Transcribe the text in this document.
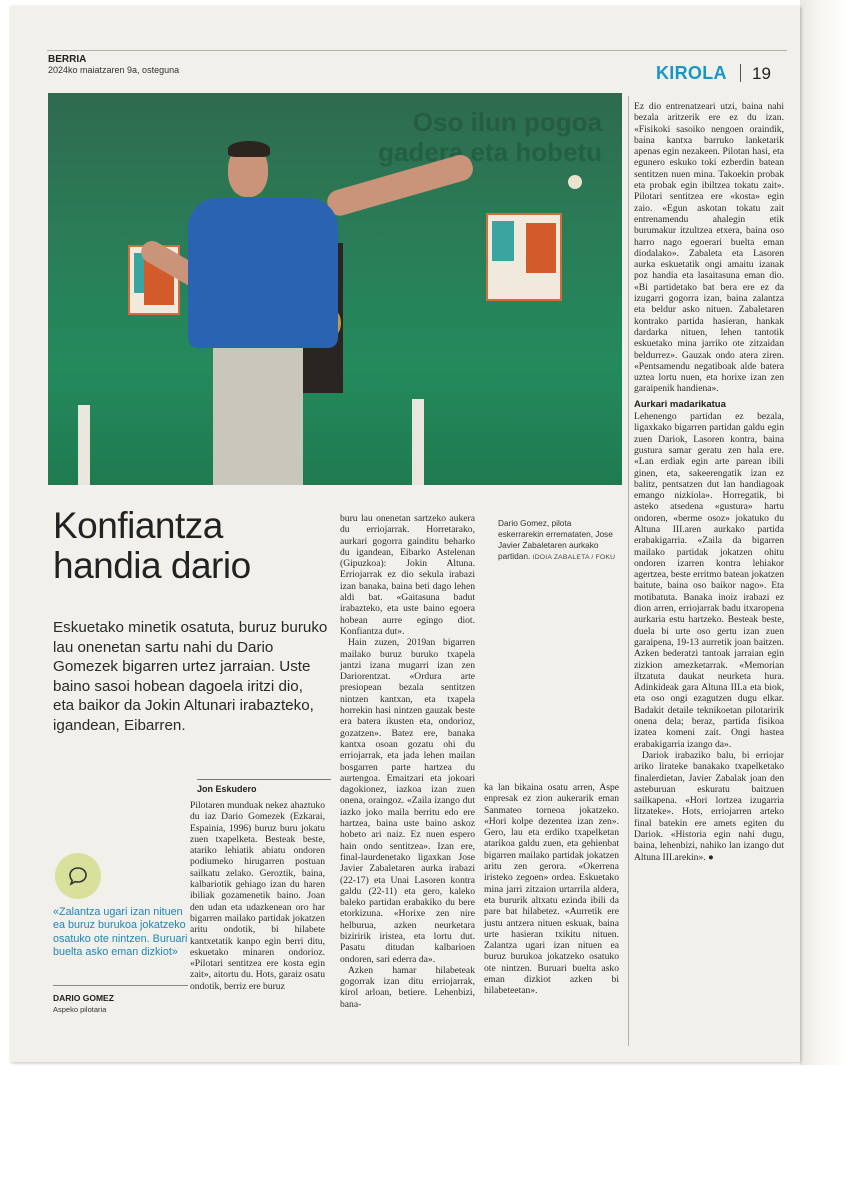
BERRIA
2024ko maiatzaren 9a, osteguna	KIROLA 19
Oso ilun pogoa gadera eta hobetu
Konfiantza handia dario
Eskuetako minetik osatuta, buruz buruko lau onenetan sartu nahi du Dario Gomezek bigarren urtez jarraian. Uste baino sasoi hobean dagoela iritzi dio, eta baikor da Jokin Altunari irabazteko, igandean, Eibarren.
Jon Eskudero

Pilotaren munduak nekez ahaztuko du iaz Dario Gomezek (Ezkarai, Espainia, 1996) buruz buru jokatu zuen txapelketa. Besteak beste, atariko lehiatik abiatu ondoren podiumeko hirugarren postuan sailkatu zelako. Geroztik, baina, kalbariotik gehiago izan du haren ibiliak gozamenetik baino. Joan den udan eta udazkenean oro har bigarren mailako partidak jokatzen aritu ondotik, bi hilabete kantxetatik kanpo egin berri ditu, eskuetako minaren ondorioz. «Pilotari sentitzea ere kosta egin zait», aitortu du. Hots, garaiz osatu ondotik, berriz ere buruz

buru lau onenetan sartzeko aukera du erriojarrak. Horretarako, aurkari gogorra gainditu beharko du igandean, Eibarko Astelenan (Gipuzkoa): Jokin Altuna. Erriojarrak ez dio sekula irabazi izan banaka, baina beti dago lehen aldi bat. «Gaitasuna badut irabazteko, eta uste baino egoera hobean aurre egingo diot. Konfiantza dut».

Hain zuzen, 2019an bigarren mailako buruz buruko txapela jantzi izana mugarri izan zen Dariorentzat. «Ordura arte presiopean bezala sentitzen nintzen kantxan, eta txapela horrekin hasi nintzen gauzak beste era batera ikusten eta, ondorioz, gozatzen». Batez ere, banaka kantxa osoan gozatu ohi du erriojarrak, eta jada lehen mailan bosgarren parte hartzea du aurtengoa. Emaitzari eta jokoari dagokionez, iazkoa izan zuen onena, oraingoz. «Zaila izango dut iazko joko maila berritu edo ere hartzea, baina uste baino askoz hobeto ari naiz. Ez nuen espero hain ondo sentitzea». Izan ere, final-laurdenetako ligaxkan Jose Javier Zabaletaren aurka irabazi (22-17) eta Unai Lasoren kontra galdu (22-11) eta gero, kaleko baleko partidan erabakiko du bere etorkizuna. «Horixe zen nire helburua, azken neurketara biziririk iristea, eta lortu dut. Pasatu ditudan kalbarioen ondoren, sari ederra da».

Azken hamar hilabeteak gogorrak izan ditu erriojarrak, kirol arloan, betiere. Lehenbizi, bana-

Dario Gomez, pilota eskerrarekin erremataten, Jose Javier Zabaletaren aurkako partidan. IDOIA ZABALETA / FOKU

ka lan bikaina osatu arren, Aspe enpresak ez zion aukerarik eman Sanmateo torneoa jokatzeko. «Hori kolpe dezentea izan zen». Gero, lau eta erdiko txapelketan atarikoa galdu zuen, eta gehienbat bigarren mailako partidak jokatzen aritu zen gerora. «Okerrena iristeko zegoen» ordea. Eskuetako mina jarri zitzaion urtarrila aldera, eta bururik altxatu ezinda ibili da pare bat hilabetez. «Aurretik ere justu antzera nituen eskuak, baina urte hasieran txikitu nituen. Zalantza ugari izan nituen ea buruz burukoa jokatzeko osatuko ote nintzen. Buruari buelta asko eman dizkiot azken bi hilabeteetan».

Ez dio entrenatzeari utzi, baina nahi bezala aritzerik ere ez du izan. «Fisikoki sasoiko nengoen oraindik, baina kantxa barruko lanketarik apenas egin nezakeen. Pilotan hasi, eta egunero eskuko toki ezberdin batean sentitzen nuen mina. Takoekin probak eta probak egin ibiltzea tokatu zait». Pilotari sentitzea ere «kosta» egin zaio. «Egun askotan tokatu zait entrenamendu ahalegin etik burumakur itzultzea etxera, baina oso harro nago egoerari buelta eman diodalako». Zabaleta eta Lasoren aurka eskuetatik ongi amaitu izanak poz handia eta lasaitasuna eman dio. «Bi partidetako bat bera ere ez da izugarri gogorra izan, baina zalantza eta beldur asko nituen. Zabaletaren kontrako partida hasieran, hankak dardarka nituen, lehen tantotik eskuetako mina jarriko ote zitzaidan beldurrez». Gauzak ondo atera ziren. «Pentsamendu negatiboak alde batera uztea lortu nuen, eta horixe izan zen garaipenik handiena».

Aurkari madarikatua

Lehenengo partidan ez bezala, ligaxkako bigarren partidan galdu egin zuen Dariok, Lasoren kontra, baina gustura samar geratu zen hala ere. «Lan erdiak egin arte parean ibili ginen, eta, sakeerengatik izan ez balitz, pentsatzen dut lan handiagoak emango nizkiola». Horregatik, bi asteko atsedena «gustura» hartu ondoren, «berme osoz» jokatuko du Altuna III.aren aurkako partida erabakigarria. «Zaila da bigarren mailako partidak jokatzen ohitu ondoren izarren kontra lehiakor agertzea, beste erritmo batean jokatzen baitute, baina oso baikor nago». Eta motibatuta. Banaka inoiz irabazi ez dion arren, erriojarrak badu itxaropena aurkaria estu hartzeko. Besteak beste, duela bi urte oso gertu izan zuen garaipena, 19-13 aurretik joan baitzen. Azken bederatzi tantoak jarraian egin zizkion amezketarrak. «Memorian iltzatuta daukat neurketa hura. Adinkideak gara Altuna III.a eta biok, eta oso ongi ezagutzen dugu elkar. Badakit detaile teknikoetan pilotaririk onena dela; beraz, partida fisikoa izatea komeni zait. Ongi hastea erabakigarria izango da».

Dariok irabaziko balu, bi erriojar ariko lirateke banakako txapelketako finalerdietan, Javier Zabalak joan den asteburuan eskuratu baitzuen sailkapena. «Hori lortzea izugarria litzateke». Hots, erriojarren arteko final batekin ere amets egiten du Dariok. «Historia egin nahi dugu, baina, lehenbizi, nahiko lan izango dut Altuna III.arekin». ●

«Zalantza ugari izan nituen ea buruz burukoa jokatzeko osatuko ote nintzen. Buruari buelta asko eman dizkiot»
DARIO GOMEZ
Aspeko pilotaria
